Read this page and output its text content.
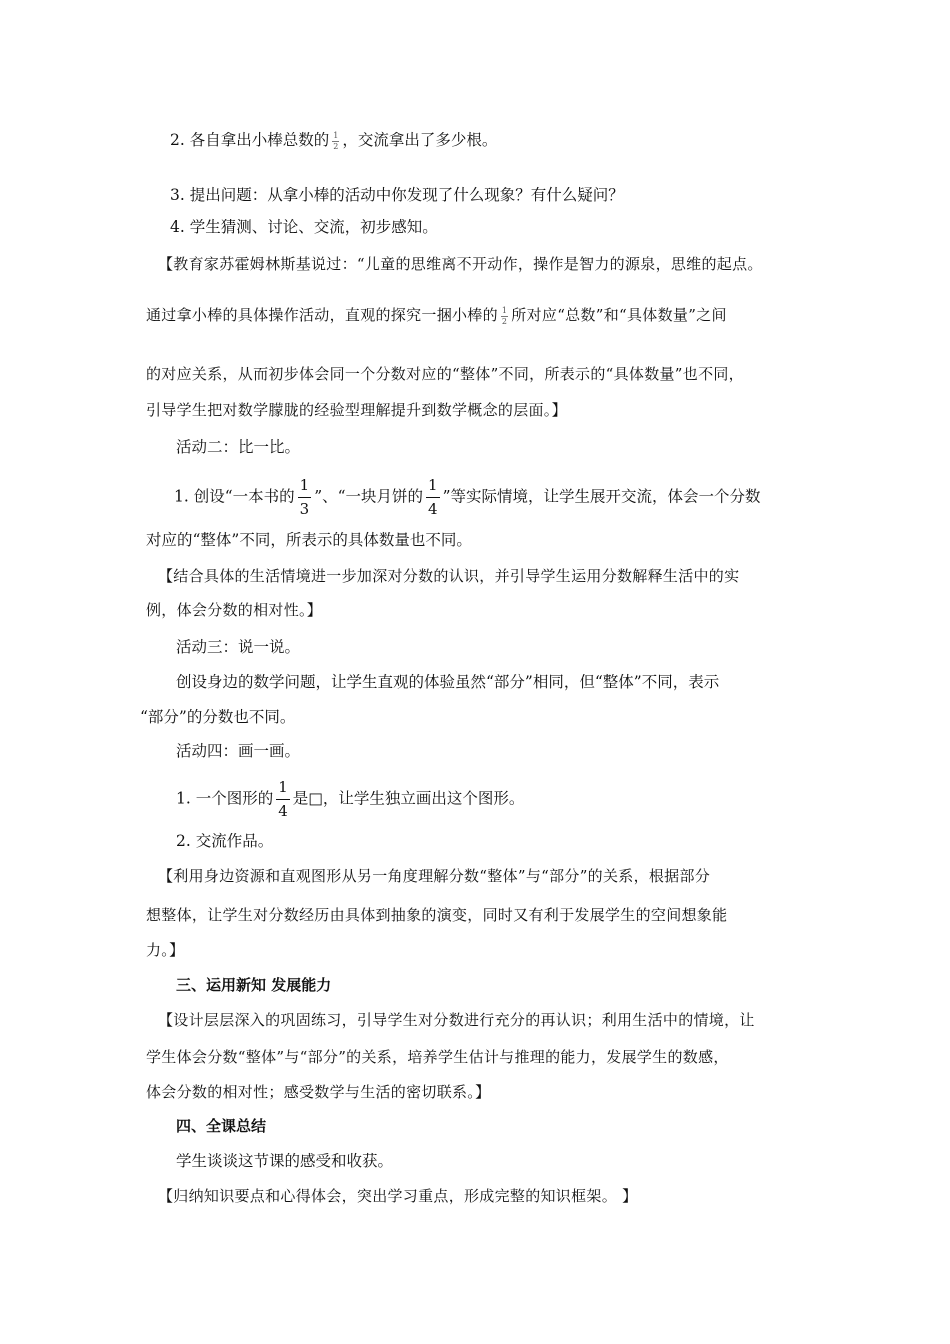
2. 各自拿出小棒总数的 $\frac{1}{2}$ ，交流拿出了多少根。
3. 提出问题：从拿小棒的活动中你发现了什么现象？有什么疑问？
4. 学生猜测、讨论、交流，初步感知。
【教育家苏霍姆林斯基说过：“儿童的思维离不开动作，操作是智力的源泉，思维的起点。
通过拿小棒的具体操作活动，直观的探究一捆小棒的 $\frac{1}{2}$ 所对应“总数”和“具体数量”之间
的对应关系，从而初步体会同一个分数对应的“整体”不同，所表示的“具体数量”也不同，
引导学生把对数学朦胧的经验型理解提升到数学概念的层面。】
活动二：比一比。
1. 创设“一本书的 $\frac{1}{3}$ ”、“一块月饼的 $\frac{1}{4}$ ”等实际情境，让学生展开交流，体会一个分数
对应的“整体”不同，所表示的具体数量也不同。
【结合具体的生活情境进一步加深对分数的认识，并引导学生运用分数解释生活中的实
例，体会分数的相对性。】
活动三：说一说。
创设身边的数学问题，让学生直观的体验虽然“部分”相同，但“整体”不同，表示
“部分”的分数也不同。
活动四：画一画。
1. 一个图形的 $\frac{1}{4}$ 是□，让学生独立画出这个图形。
2. 交流作品。
【利用身边资源和直观图形从另一角度理解分数“整体”与“部分”的关系，根据部分
想整体，让学生对分数经历由具体到抽象的演变，同时又有利于发展学生的空间想象能
力。】
三、运用新知 发展能力
【设计层层深入的巩固练习，引导学生对分数进行充分的再认识；利用生活中的情境，让
学生体会分数“整体”与“部分”的关系，培养学生估计与推理的能力，发展学生的数感，
体会分数的相对性；感受数学与生活的密切联系。】
四、全课总结
学生谈谈这节课的感受和收获。
【归纳知识要点和心得体会，突出学习重点，形成完整的知识框架。 】
